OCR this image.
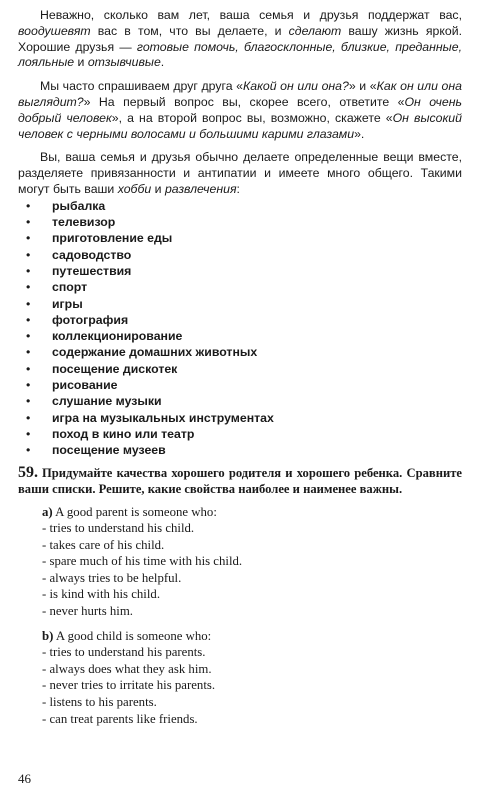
Неважно, сколько вам лет, ваша семья и друзья поддержат вас, воодушевят вас в том, что вы делаете, и сделают вашу жизнь яркой. Хорошие друзья — готовые помочь, благосклонные, близкие, преданные, лояльные и отзывчивые.

Мы часто спрашиваем друг друга «Какой он или она?» и «Как он или она выглядит?» На первый вопрос вы, скорее всего, ответите «Он очень добрый человек», а на второй вопрос вы, возможно, скажете «Он высокий человек с черными волосами и большими карими глазами».

Вы, ваша семья и друзья обычно делаете определенные вещи вместе, разделяете привязанности и антипатии и имеете много общего. Такими могут быть ваши хобби и развлечения:

• рыбалка
• телевизор
• приготовление еды
• садоводство
• путешествия
• спорт
• игры
• фотография
• коллекционирование
• содержание домашних животных
• посещение дискотек
• рисование
• слушание музыки
• игра на музыкальных инструментах
• поход в кино или театр
• посещение музеев
59. Придумайте качества хорошего родителя и хорошего ребенка. Сравните ваши списки. Решите, какие свойства наиболее и наименее важны.
a) A good parent is someone who:
- tries to understand his child.
- takes care of his child.
- spare much of his time with his child.
- always tries to be helpful.
- is kind with his child.
- never hurts him.
b) A good child is someone who:
- tries to understand his parents.
- always does what they ask him.
- never tries to irritate his parents.
- listens to his parents.
- can treat parents like friends.
46
